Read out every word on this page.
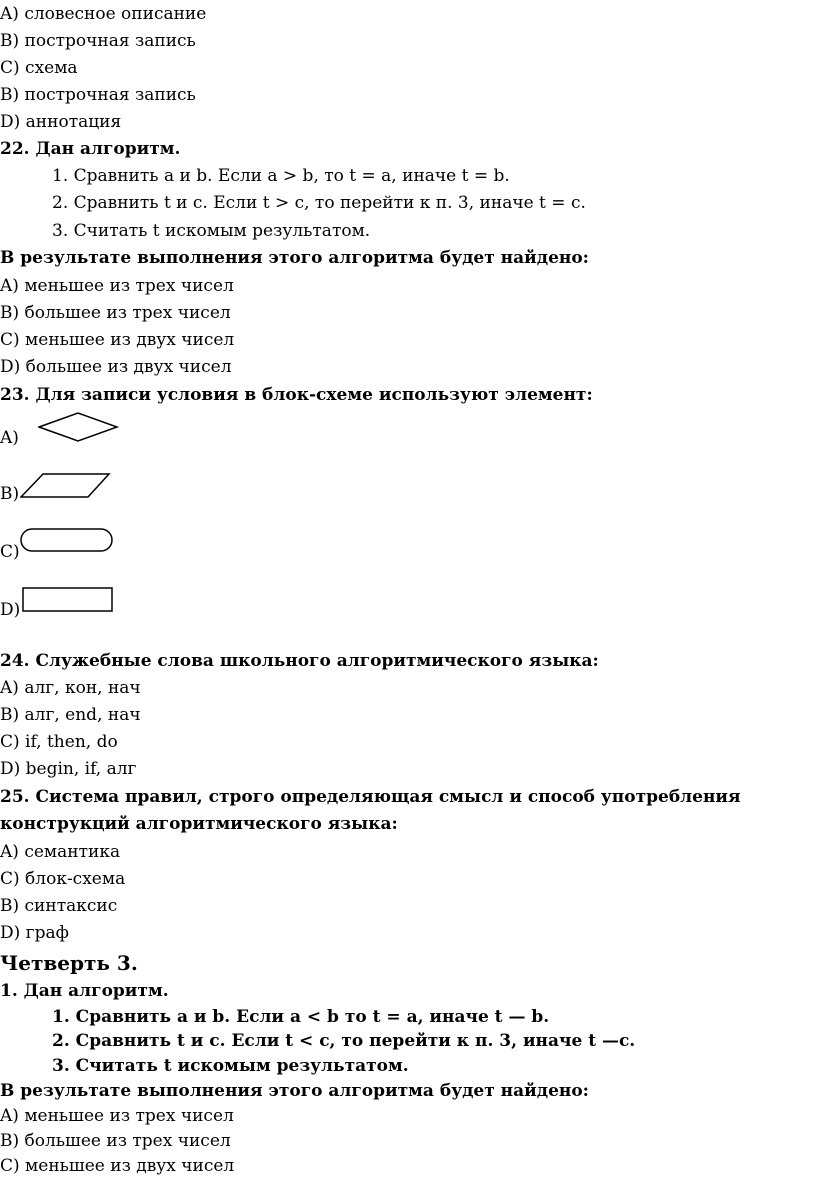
A) словесное описание
B) построчная запись
C) схема
B) построчная запись
D) аннотация
22. Дан алгоритм.
1. Сравнить a и b. Если a > b, то t = a, иначе t = b.
2. Сравнить t и c. Если t > c, то перейти к п. 3, иначе t = c.
3. Считать t искомым результатом.
В результате выполнения этого алгоритма будет найдено:
A) меньшее из трех чисел
B) большее из трех чисел
C) меньшее из двух чисел
D) большее из двух чисел
23. Для записи условия в блок-схеме используют элемент:
A)
B)
C)
D)
24. Служебные слова школьного алгоритмического языка:
A) алг, кон, нач
B) алг, end, нач
C) if, then, do
D) begin, if, алг
25. Система правил, строго определяющая смысл и способ употребления
конструкций алгоритмического языка:
A) семантика
C) блок-схема
B) синтаксис
D) граф
Четверть 3.
1. Дан алгоритм.
1. Сравнить a и b. Если a < b то t = a, иначе t — b.
2. Сравнить t и c. Если t < c, то перейти к п. 3, иначе t —c.
3. Считать t искомым результатом.
В результате выполнения этого алгоритма будет найдено:
A) меньшее из трех чисел
B) большее из трех чисел
C) меньшее из двух чисел
